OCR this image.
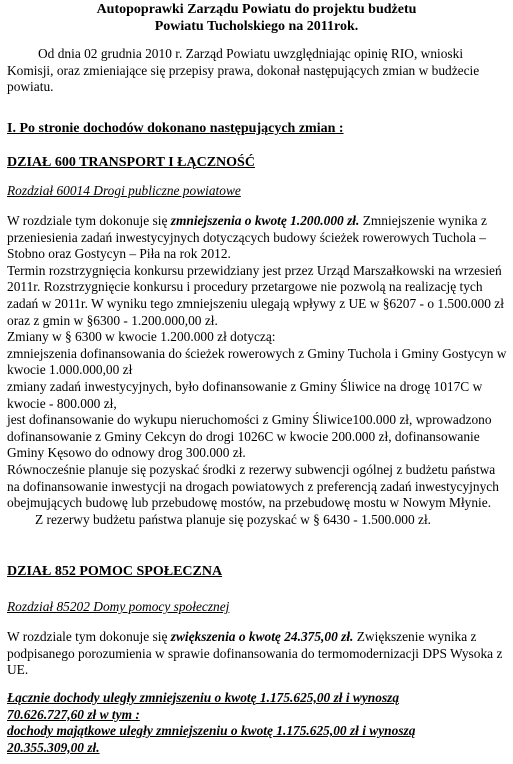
Autopoprawki Zarządu Powiatu do projektu budżetu
Powiatu Tucholskiego na 2011rok.

Od dnia 02 grudnia 2010 r. Zarząd Powiatu uwzględniając opinię RIO, wnioski Komisji, oraz zmieniające się przepisy prawa, dokonał następujących zmian w budżecie powiatu.

I. Po stronie dochodów dokonano następujących zmian :
DZIAŁ 600 TRANSPORT I ŁĄCZNOŚĆ
Rozdział 60014 Drogi publiczne powiatowe

W rozdziale tym dokonuje się zmniejszenia o kwotę 1.200.000 zł. Zmniejszenie wynika z przeniesienia zadań inwestycyjnych dotyczących budowy ścieżek rowerowych Tuchola – Stobno oraz Gostycyn – Piła na rok 2012.

Termin rozstrzygnięcia konkursu przewidziany jest przez Urząd Marszałkowski na wrzesień 2011r. Rozstrzygnięcie konkursu i procedury przetargowe nie pozwolą na realizację tych zadań w 2011r. W wyniku tego zmniejszeniu ulegają wpływy z UE w §6207 - o 1.500.000 zł oraz z gmin w §6300 - 1.200.000,00 zł.

Zmiany w § 6300 w kwocie 1.200.000 zł dotyczą:

zmniejszenia dofinansowania do ścieżek rowerowych z Gminy Tuchola i Gminy Gostycyn w kwocie 1.000.000,00 zł

zmiany zadań inwestycyjnych, było dofinansowanie z Gminy Śliwice na drogę 1017C w kwocie - 800.000 zł,

jest dofinansowanie do wykupu nieruchomości z Gminy Śliwice100.000 zł, wprowadzono dofinansowanie z Gminy Cekcyn do drogi 1026C w kwocie 200.000 zł, dofinansowanie Gminy Kęsowo do odnowy drog 300.000 zł.

Równocześnie planuje się pozyskać środki z rezerwy subwencji ogólnej z budżetu państwa na dofinansowanie inwestycji na drogach powiatowych z preferencją zadań inwestycyjnych obejmujących budowę lub przebudowę mostów, na przebudowę mostu w Nowym Młynie.

Z rezerwy budżetu państwa planuje się pozyskać w § 6430 - 1.500.000 zł.

DZIAŁ 852 POMOC SPOŁECZNA
Rozdział 85202 Domy pomocy społecznej

W rozdziale tym dokonuje się zwiększenia o kwotę 24.375,00 zł. Zwiększenie wynika z podpisanego porozumienia w sprawie dofinansowania do termomodernizacji DPS Wysoka z UE.

Łącznie dochody uległy zmniejszeniu o kwotę 1.175.625,00 zł i wynoszą
70.626.727,60 zł w tym :
dochody majątkowe uległy zmniejszeniu o kwotę 1.175.625,00 zł i wynoszą
20.355.309,00 zł.
